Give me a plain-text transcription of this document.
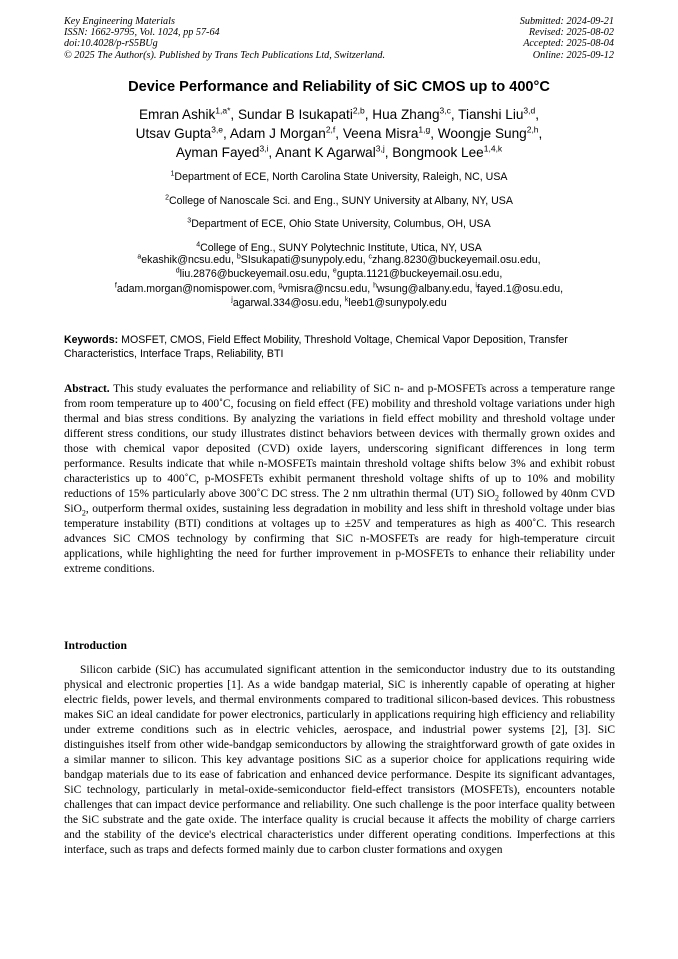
Key Engineering Materials
ISSN: 1662-9795, Vol. 1024, pp 57-64
doi:10.4028/p-rS5BUg
© 2025 The Author(s). Published by Trans Tech Publications Ltd, Switzerland.
Submitted: 2024-09-21
Revised: 2025-08-02
Accepted: 2025-08-04
Online: 2025-09-12
Device Performance and Reliability of SiC CMOS up to 400°C
Emran Ashik$^{1,a*}$, Sundar B Isukapati$^{2,b}$, Hua Zhang$^{3,c}$, Tianshi Liu$^{3,d}$,
Utsav Gupta$^{3,e}$, Adam J Morgan$^{2,f}$, Veena Misra$^{1,g}$, Woongje Sung$^{2,h}$,
Ayman Fayed$^{3,i}$, Anant K Agarwal$^{3,j}$, Bongmook Lee$^{1,4,k}$
$^1$Department of ECE, North Carolina State University, Raleigh, NC, USA
$^2$College of Nanoscale Sci. and Eng., SUNY University at Albany, NY, USA
$^3$Department of ECE, Ohio State University, Columbus, OH, USA
$^4$College of Eng., SUNY Polytechnic Institute, Utica, NY, USA
$^a$ekashik@ncsu.edu, $^b$SIsukapati@sunypoly.edu, $^c$zhang.8230@buckeyemail.osu.edu,
$^d$liu.2876@buckeyemail.osu.edu, $^e$gupta.1121@buckeyemail.osu.edu,
$^f$adam.morgan@nomispower.com, $^g$vmisra@ncsu.edu, $^h$wsung@albany.edu, $^i$fayed.1@osu.edu,
$^j$agarwal.334@osu.edu, $^k$leeb1@sunypoly.edu
Keywords: MOSFET, CMOS, Field Effect Mobility, Threshold Voltage, Chemical Vapor Deposition, Transfer Characteristics, Interface Traps, Reliability, BTI
Abstract. This study evaluates the performance and reliability of SiC n- and p-MOSFETs across a temperature range from room temperature up to 400˚C, focusing on field effect (FE) mobility and threshold voltage variations under high thermal and bias stress conditions. By analyzing the variations in field effect mobility and threshold voltage under different stress conditions, our study illustrates distinct behaviors between devices with thermally grown oxides and those with chemical vapor deposited (CVD) oxide layers, underscoring significant differences in long term performance. Results indicate that while n-MOSFETs maintain threshold voltage shifts below 3% and exhibit robust characteristics up to 400˚C, p-MOSFETs exhibit permanent threshold voltage shifts of up to 10% and mobility reductions of 15% particularly above 300˚C DC stress. The 2 nm ultrathin thermal (UT) SiO$_2$ followed by 40nm CVD SiO$_2$, outperform thermal oxides, sustaining less degradation in mobility and less shift in threshold voltage under bias temperature instability (BTI) conditions at voltages up to ±25V and temperatures as high as 400˚C. This research advances SiC CMOS technology by confirming that SiC n-MOSFETs are ready for high-temperature circuit applications, while highlighting the need for further improvement in p-MOSFETs to enhance their reliability under extreme conditions.
Introduction
Silicon carbide (SiC) has accumulated significant attention in the semiconductor industry due to its outstanding physical and electronic properties [1]. As a wide bandgap material, SiC is inherently capable of operating at higher electric fields, power levels, and thermal environments compared to traditional silicon-based devices. This robustness makes SiC an ideal candidate for power electronics, particularly in applications requiring high efficiency and reliability under extreme conditions such as in electric vehicles, aerospace, and industrial power systems [2], [3]. SiC distinguishes itself from other wide-bandgap semiconductors by allowing the straightforward growth of gate oxides in a similar manner to silicon. This key advantage positions SiC as a superior choice for applications requiring wide bandgap materials due to its ease of fabrication and enhanced device performance. Despite its significant advantages, SiC technology, particularly in metal-oxide-semiconductor field-effect transistors (MOSFETs), encounters notable challenges that can impact device performance and reliability. One such challenge is the poor interface quality between the SiC substrate and the gate oxide. The interface quality is crucial because it affects the mobility of charge carriers and the stability of the device's electrical characteristics under different operating conditions. Imperfections at this interface, such as traps and defects formed mainly due to carbon cluster formations and oxygen
